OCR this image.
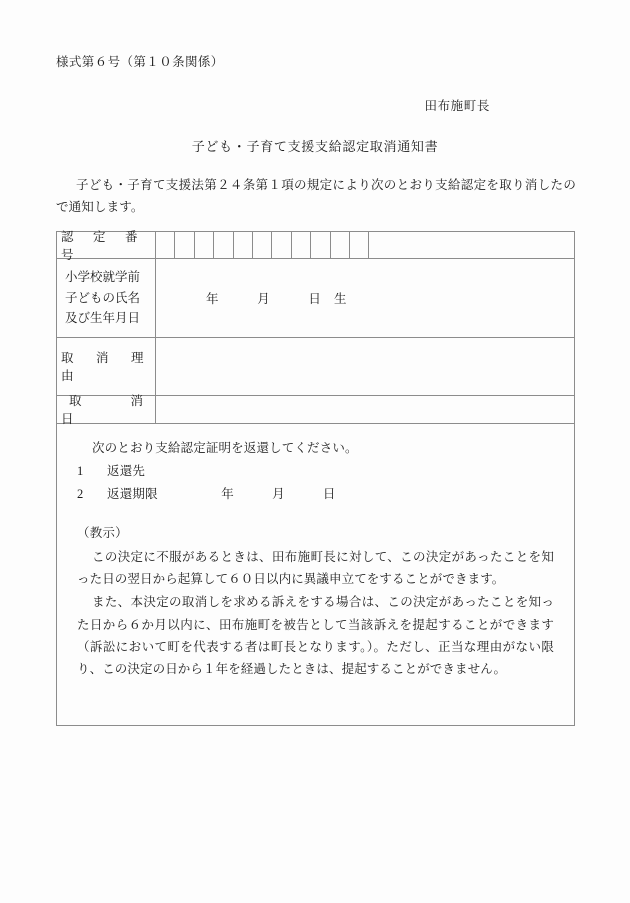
様式第６号（第１０条関係）
田布施町長
子ども・子育て支援支給認定取消通知書
子ども・子育て支援法第２４条第１項の規定により次のとおり支給認定を取り消したので通知します。
認　定　番　号
小学校就学前子どもの氏名及び生年月日
年　　　月　　　日　生
取　消　理　由
取　　消　　日
次のとおり支給認定証明を返還してください。
1	返還先
2	返還期限　　　　　年　　　月　　　日
（教示）
この決定に不服があるときは、田布施町長に対して、この決定があったことを知った日の翌日から起算して６０日以内に異議申立てをすることができます。
また、本決定の取消しを求める訴えをする場合は、この決定があったことを知った日から６か月以内に、田布施町を被告として当該訴えを提起することができます（訴訟において町を代表する者は町長となります。）。ただし、正当な理由がない限り、この決定の日から１年を経過したときは、提起することができません。
